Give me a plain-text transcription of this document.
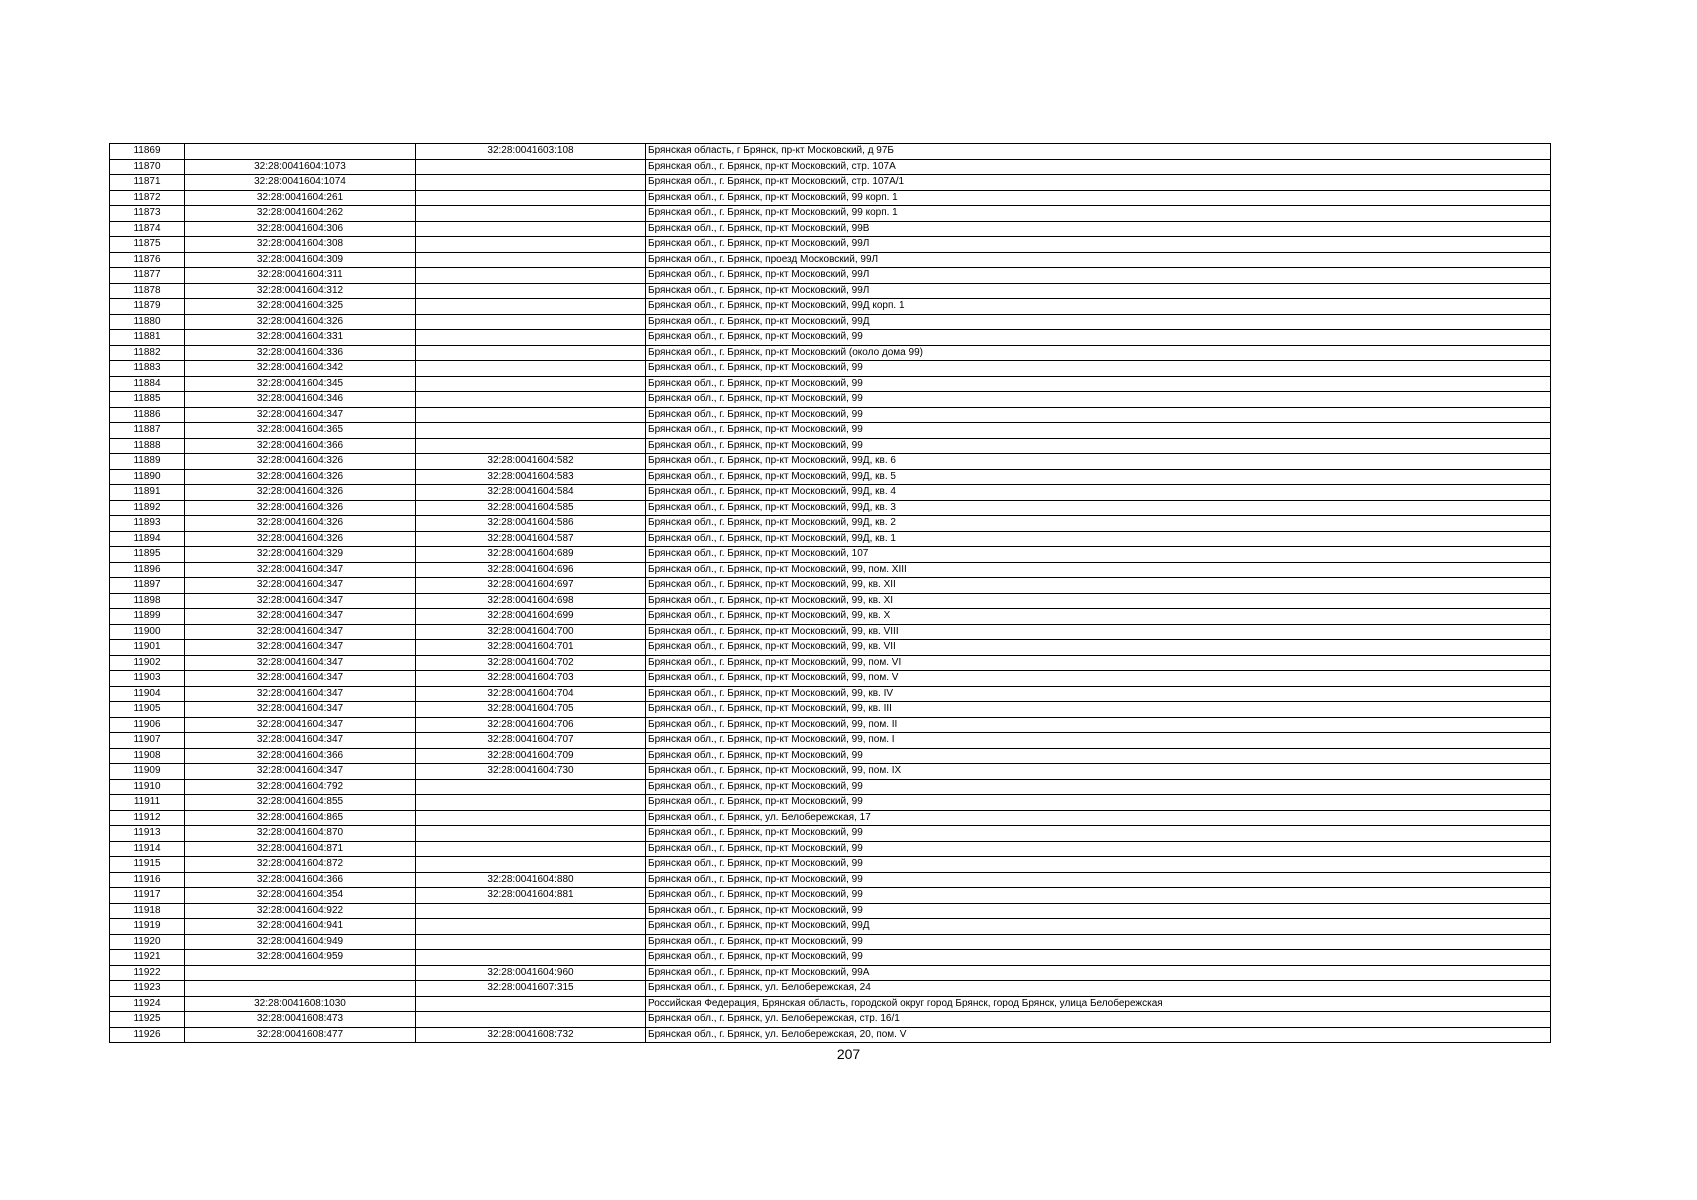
11869		32:28:0041603:108	Брянская область, г Брянск, пр-кт Московский, д 97Б
11870	32:28:0041604:1073		Брянская обл., г. Брянск, пр-кт Московский, стр. 107А
11871	32:28:0041604:1074		Брянская обл., г. Брянск, пр-кт Московский, стр. 107А/1
11872	32:28:0041604:261		Брянская обл., г. Брянск, пр-кт Московский, 99 корп. 1
11873	32:28:0041604:262		Брянская обл., г. Брянск, пр-кт Московский, 99 корп. 1
11874	32:28:0041604:306		Брянская обл., г. Брянск, пр-кт Московский, 99В
11875	32:28:0041604:308		Брянская обл., г. Брянск, пр-кт Московский, 99Л
11876	32:28:0041604:309		Брянская обл., г. Брянск, проезд Московский, 99Л
11877	32:28:0041604:311		Брянская обл., г. Брянск, пр-кт Московский, 99Л
11878	32:28:0041604:312		Брянская обл., г. Брянск, пр-кт Московский, 99Л
11879	32:28:0041604:325		Брянская обл., г. Брянск, пр-кт Московский, 99Д корп. 1
11880	32:28:0041604:326		Брянская обл., г. Брянск, пр-кт Московский, 99Д
11881	32:28:0041604:331		Брянская обл., г. Брянск, пр-кт Московский, 99
11882	32:28:0041604:336		Брянская обл., г. Брянск, пр-кт Московский (около дома 99)
11883	32:28:0041604:342		Брянская обл., г. Брянск, пр-кт Московский, 99
11884	32:28:0041604:345		Брянская обл., г. Брянск, пр-кт Московский, 99
11885	32:28:0041604:346		Брянская обл., г. Брянск, пр-кт Московский, 99
11886	32:28:0041604:347		Брянская обл., г. Брянск, пр-кт Московский, 99
11887	32:28:0041604:365		Брянская обл., г. Брянск, пр-кт Московский, 99
11888	32:28:0041604:366		Брянская обл., г. Брянск, пр-кт Московский, 99
11889	32:28:0041604:326	32:28:0041604:582	Брянская обл., г. Брянск, пр-кт Московский, 99Д, кв. 6
11890	32:28:0041604:326	32:28:0041604:583	Брянская обл., г. Брянск, пр-кт Московский, 99Д, кв. 5
11891	32:28:0041604:326	32:28:0041604:584	Брянская обл., г. Брянск, пр-кт Московский, 99Д, кв. 4
11892	32:28:0041604:326	32:28:0041604:585	Брянская обл., г. Брянск, пр-кт Московский, 99Д, кв. 3
11893	32:28:0041604:326	32:28:0041604:586	Брянская обл., г. Брянск, пр-кт Московский, 99Д, кв. 2
11894	32:28:0041604:326	32:28:0041604:587	Брянская обл., г. Брянск, пр-кт Московский, 99Д, кв. 1
11895	32:28:0041604:329	32:28:0041604:689	Брянская обл., г. Брянск, пр-кт Московский, 107
11896	32:28:0041604:347	32:28:0041604:696	Брянская обл., г. Брянск, пр-кт Московский, 99, пом. XIII
11897	32:28:0041604:347	32:28:0041604:697	Брянская обл., г. Брянск, пр-кт Московский, 99, кв. XII
11898	32:28:0041604:347	32:28:0041604:698	Брянская обл., г. Брянск, пр-кт Московский, 99, кв. XI
11899	32:28:0041604:347	32:28:0041604:699	Брянская обл., г. Брянск, пр-кт Московский, 99, кв. X
11900	32:28:0041604:347	32:28:0041604:700	Брянская обл., г. Брянск, пр-кт Московский, 99, кв. VIII
11901	32:28:0041604:347	32:28:0041604:701	Брянская обл., г. Брянск, пр-кт Московский, 99, кв. VII
11902	32:28:0041604:347	32:28:0041604:702	Брянская обл., г. Брянск, пр-кт Московский, 99, пом. VI
11903	32:28:0041604:347	32:28:0041604:703	Брянская обл., г. Брянск, пр-кт Московский, 99, пом. V
11904	32:28:0041604:347	32:28:0041604:704	Брянская обл., г. Брянск, пр-кт Московский, 99, кв. IV
11905	32:28:0041604:347	32:28:0041604:705	Брянская обл., г. Брянск, пр-кт Московский, 99, кв. III
11906	32:28:0041604:347	32:28:0041604:706	Брянская обл., г. Брянск, пр-кт Московский, 99, пом. II
11907	32:28:0041604:347	32:28:0041604:707	Брянская обл., г. Брянск, пр-кт Московский, 99, пом. I
11908	32:28:0041604:366	32:28:0041604:709	Брянская обл., г. Брянск, пр-кт Московский, 99
11909	32:28:0041604:347	32:28:0041604:730	Брянская обл., г. Брянск, пр-кт Московский, 99, пом. IX
11910	32:28:0041604:792		Брянская обл., г. Брянск, пр-кт Московский, 99
11911	32:28:0041604:855		Брянская обл., г. Брянск, пр-кт Московский, 99
11912	32:28:0041604:865		Брянская обл., г. Брянск, ул. Белобережская, 17
11913	32:28:0041604:870		Брянская обл., г. Брянск, пр-кт Московский, 99
11914	32:28:0041604:871		Брянская обл., г. Брянск, пр-кт Московский, 99
11915	32:28:0041604:872		Брянская обл., г. Брянск, пр-кт Московский, 99
11916	32:28:0041604:366	32:28:0041604:880	Брянская обл., г. Брянск, пр-кт Московский, 99
11917	32:28:0041604:354	32:28:0041604:881	Брянская обл., г. Брянск, пр-кт Московский, 99
11918	32:28:0041604:922		Брянская обл., г. Брянск, пр-кт Московский, 99
11919	32:28:0041604:941		Брянская обл., г. Брянск, пр-кт Московский, 99Д
11920	32:28:0041604:949		Брянская обл., г. Брянск, пр-кт Московский, 99
11921	32:28:0041604:959		Брянская обл., г. Брянск, пр-кт Московский, 99
11922		32:28:0041604:960	Брянская обл., г. Брянск, пр-кт Московский, 99А
11923		32:28:0041607:315	Брянская обл., г. Брянск, ул. Белобережская, 24
11924	32:28:0041608:1030		Российская Федерация, Брянская область, городской округ город Брянск, город Брянск, улица Белобережская
11925	32:28:0041608:473		Брянская обл., г. Брянск, ул. Белобережская, стр. 16/1
11926	32:28:0041608:477	32:28:0041608:732	Брянская обл., г. Брянск, ул. Белобережская, 20, пом. V
207
